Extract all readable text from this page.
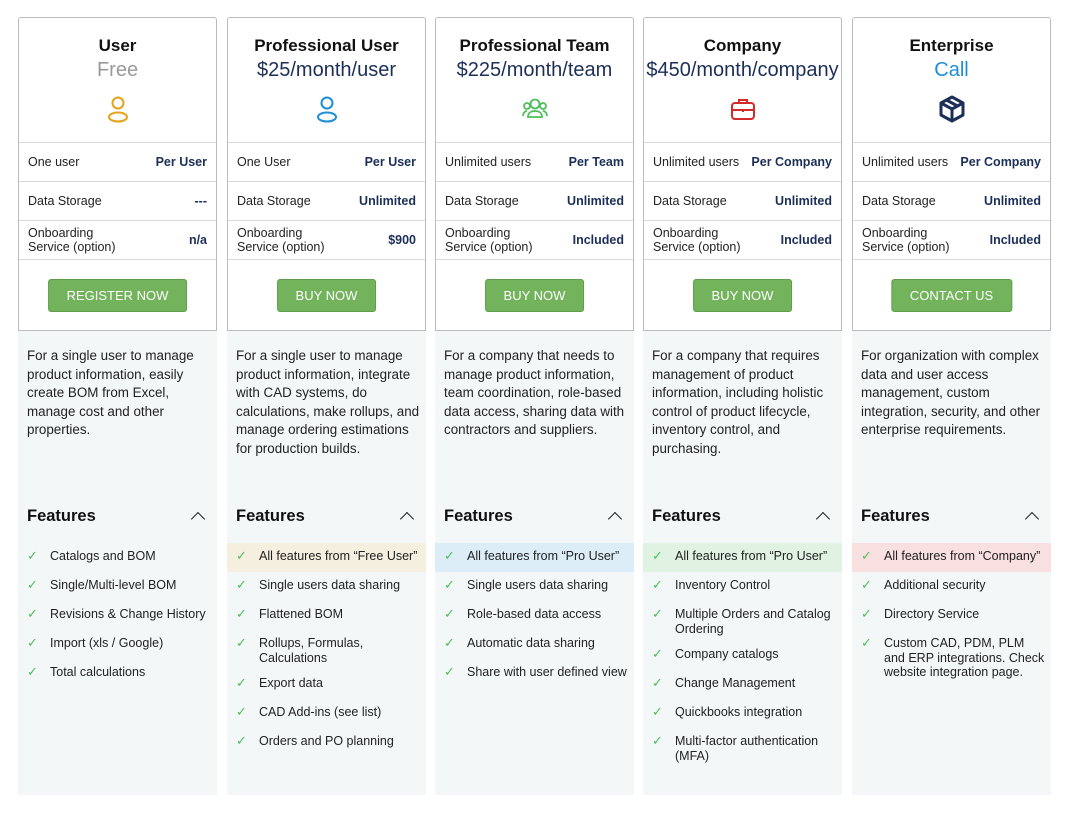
User
Free
One user	Per User
Data Storage	---
Onboarding Service (option)	n/a
REGISTER NOW
For a single user to manage product information, easily create BOM from Excel, manage cost and other properties.
Features
✓ Catalogs and BOM
✓ Single/Multi-level BOM
✓ Revisions & Change History
✓ Import (xls / Google)
✓ Total calculations
Professional User
$25/month/user
One User	Per User
Data Storage	Unlimited
Onboarding Service (option)	$900
BUY NOW
For a single user to manage product information, integrate with CAD systems, do calculations, make rollups, and manage ordering estimations for production builds.
Features
✓ All features from “Free User”
✓ Single users data sharing
✓ Flattened BOM
✓ Rollups, Formulas, Calculations
✓ Export data
✓ CAD Add-ins (see list)
✓ Orders and PO planning
Professional Team
$225/month/team
Unlimited users	Per Team
Data Storage	Unlimited
Onboarding Service (option)	Included
BUY NOW
For a company that needs to manage product information, team coordination, role-based data access, sharing data with contractors and suppliers.
Features
✓ All features from “Pro User”
✓ Single users data sharing
✓ Role-based data access
✓ Automatic data sharing
✓ Share with user defined view
Company
$450/month/company
Unlimited users Per Company
Data Storage	Unlimited
Onboarding Service (option)	Included
BUY NOW
For a company that requires management of product information, including holistic control of product lifecycle, inventory control, and purchasing.
Features
✓ All features from “Pro User”
✓ Inventory Control
✓ Multiple Orders and Catalog Ordering
✓ Company catalogs
✓ Change Management
✓ Quickbooks integration
✓ Multi-factor authentication (MFA)
Enterprise
Call
Unlimited users Per Company
Data Storage	Unlimited
Onboarding Service (option)	Included
CONTACT US
For organization with complex data and user access management, custom integration, security, and other enterprise requirements.
Features
✓ All features from “Company”
✓ Additional security
✓ Directory Service
✓ Custom CAD, PDM, PLM and ERP integrations. Check website integration page.
